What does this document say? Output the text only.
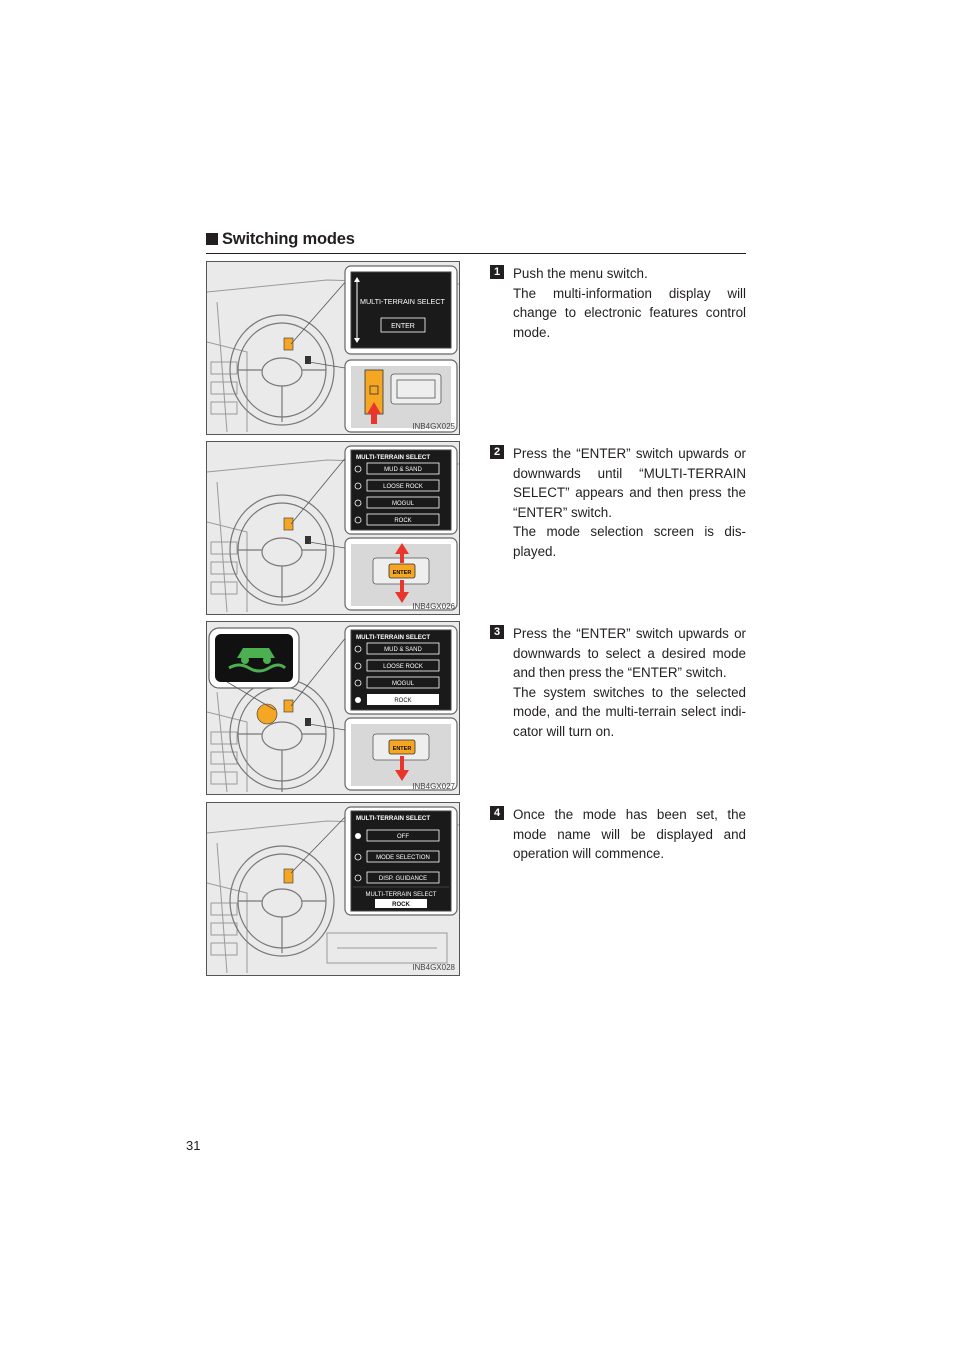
Switching modes
MULTI-TERRAIN SELECT
ENTER
INB4GX025
1 Push the menu switch.

The multi-information display will change to electronic features control mode.

MULTI-TERRAIN SELECT
MUD & SAND
LOOSE ROCK
MOGUL
ROCK
ENTER
INB4GX026
2 Press the “ENTER” switch upwards or downwards until “MULTI-TERRAIN SELECT” appears and then press the “ENTER” switch.

The mode selection screen is dis-played.

MULTI-TERRAIN SELECT
MUD & SAND
LOOSE ROCK
MOGUL
ROCK
ENTER
INB4GX027
3 Press the “ENTER” switch upwards or downwards to select a desired mode and then press the “ENTER” switch.

The system switches to the selected mode, and the multi-terrain select indi-cator will turn on.

MULTI-TERRAIN SELECT
OFF
MODE SELECTION
DISP. GUIDANCE
MULTI-TERRAIN SELECT
ROCK
INB4GX028
4 Once the mode has been set, the mode name will be displayed and operation will commence.

31
